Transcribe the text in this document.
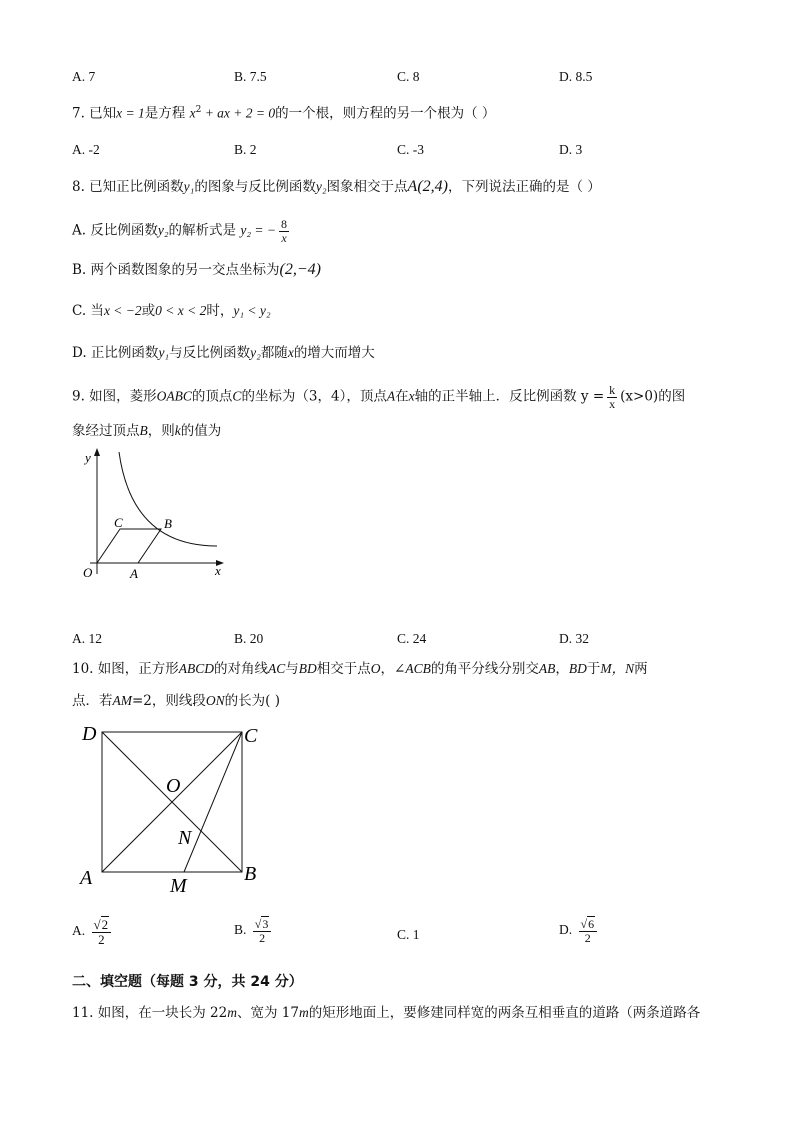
A. 7	B. 7.5	C. 8	D. 8.5
7. 已知x = 1是方程 $x^2$ + ax + 2 = 0的一个根，则方程的另一个根为（ ）
A. -2	B. 2	C. -3	D. 3
8. 已知正比例函数y₁的图象与反比例函数y₂图象相交于点A(2,4)，下列说法正确的是（ ）
A. 反比例函数y₂的解析式是 y₂ = − $\frac{8}{x}$
B. 两个函数图象的另一交点坐标为(2,−4)
C. 当x < −2或0 < x < 2时，y₁ < y₂
D. 正比例函数y₁与反比例函数y₂都随x的增大而增大
9. 如图，菱形OABC的顶点C的坐标为（3，4），顶点A在x轴的正半轴上．反比例函数 $y = \frac{k}{x} (x>0)$的图
象经过顶点B，则k的值为
y
x
O	A
B
C
A. 12	B. 20	C. 24	D. 32
10. 如图，正方形ABCD的对角线AC与BD相交于点O，∠ACB的角平分线分别交AB，BD于M，N两
点．若AM=2，则线段ON的长为( )
D	C
O
N
A	M
B
A. $\frac{√2}{2}$	B. $\frac{√3}{2}$	C. 1	D. $\frac{√6}{2}$
二、填空题（每题 3 分，共 24 分）
11. 如图，在一块长为 22m、宽为 17m的矩形地面上，要修建同样宽的两条互相垂直的道路（两条道路各
